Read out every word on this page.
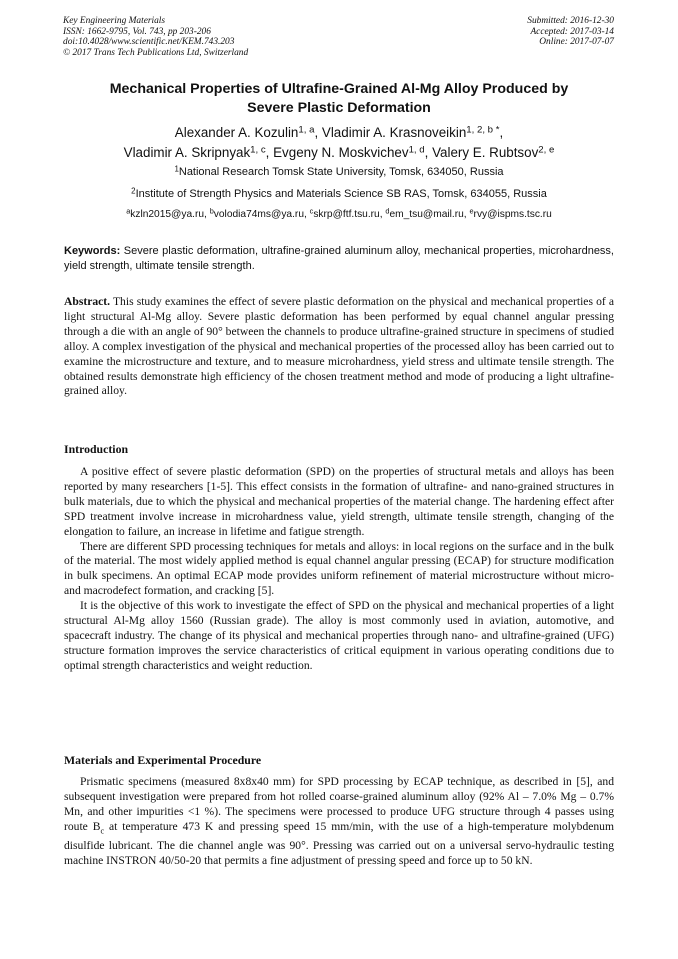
Key Engineering Materials
ISSN: 1662-9795, Vol. 743, pp 203-206
doi:10.4028/www.scientific.net/KEM.743.203
© 2017 Trans Tech Publications Ltd, Switzerland
Submitted: 2016-12-30
Accepted: 2017-03-14
Online: 2017-07-07
Mechanical Properties of Ultrafine-Grained Al-Mg Alloy Produced by
Severe Plastic Deformation
Alexander A. Kozulin$^{1, a}$, Vladimir A. Krasnoveikin$^{1, 2, b *}$,
Vladimir A. Skripnyak$^{1, c}$, Evgeny N. Moskvichev$^{1, d}$, Valery E. Rubtsov$^{2, e}$
$^1$National Research Tomsk State University, Tomsk, 634050, Russia
$^2$Institute of Strength Physics and Materials Science SB RAS, Tomsk, 634055, Russia
$^a$kzln2015@ya.ru, $^b$volodia74ms@ya.ru, $^c$skrp@ftf.tsu.ru, $^d$em_tsu@mail.ru, $^e$rvy@ispms.tsc.ru
Keywords: Severe plastic deformation, ultrafine-grained aluminum alloy, mechanical properties, microhardness, yield strength, ultimate tensile strength.
Abstract. This study examines the effect of severe plastic deformation on the physical and mechanical properties of a light structural Al-Mg alloy. Severe plastic deformation has been performed by equal channel angular pressing through a die with an angle of 90° between the channels to produce ultrafine-grained structure in specimens of studied alloy. A complex investigation of the physical and mechanical properties of the processed alloy has been carried out to examine the microstructure and texture, and to measure microhardness, yield stress and ultimate tensile strength. The obtained results demonstrate high efficiency of the chosen treatment method and mode of producing a light ultrafine-grained alloy.
Introduction

A positive effect of severe plastic deformation (SPD) on the properties of structural metals and alloys has been reported by many researchers [1-5]. This effect consists in the formation of ultrafine- and nano-grained structures in bulk materials, due to which the physical and mechanical properties of the material change. The hardening effect after SPD treatment involve increase in microhardness value, yield strength, ultimate tensile strength, changing of the elongation to failure, an increase in lifetime and fatigue strength.

There are different SPD processing techniques for metals and alloys: in local regions on the surface and in the bulk of the material. The most widely applied method is equal channel angular pressing (ECAP) for structure modification in bulk specimens. An optimal ECAP mode provides uniform refinement of material microstructure without micro- and macrodefect formation, and cracking [5].

It is the objective of this work to investigate the effect of SPD on the physical and mechanical properties of a light structural Al-Mg alloy 1560 (Russian grade). The alloy is most commonly used in aviation, automotive, and spacecraft industry. The change of its physical and mechanical properties through nano- and ultrafine-grained (UFG) structure formation improves the service characteristics of critical equipment in various operating conditions due to optimal strength characteristics and weight reduction.

Materials and Experimental Procedure

Prismatic specimens (measured 8x8x40 mm) for SPD processing by ECAP technique, as described in [5], and subsequent investigation were prepared from hot rolled coarse-grained aluminum alloy (92% Al – 7.0% Mg – 0.7% Mn, and other impurities <1 %). The specimens were processed to produce UFG structure through 4 passes using route $B_c$ at temperature 473 K and pressing speed 15 mm/min, with the use of a high-temperature molybdenum disulfide lubricant. The die channel angle was 90°. Pressing was carried out on a universal servo-hydraulic testing machine INSTRON 40/50-20 that permits a fine adjustment of pressing speed and force up to 50 kN.
